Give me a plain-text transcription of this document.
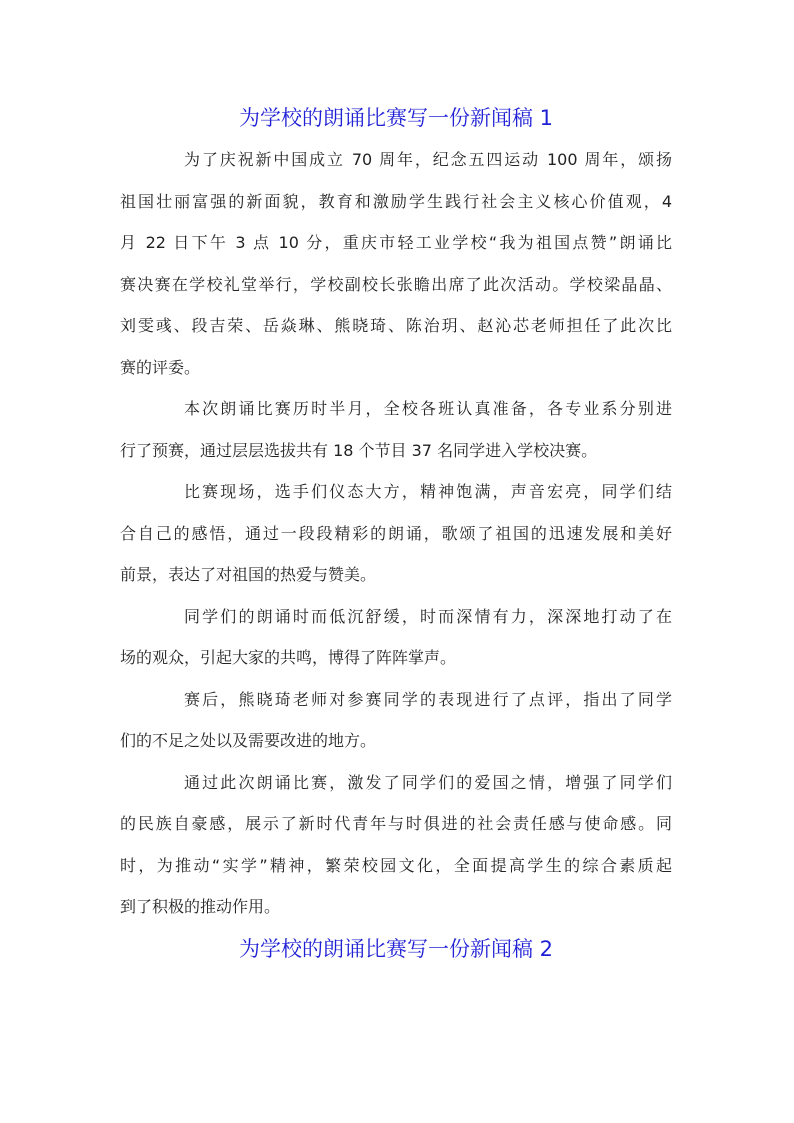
为学校的朗诵比赛写一份新闻稿 1
为了庆祝新中国成立 70 周年，纪念五四运动 100 周年，颂扬
祖国壮丽富强的新面貌，教育和激励学生践行社会主义核心价值观，4
月 22 日下午 3 点 10 分，重庆市轻工业学校“我为祖国点赞”朗诵比
赛决赛在学校礼堂举行，学校副校长张瞻出席了此次活动。学校梁晶晶、
刘雯彧、段吉荣、岳焱琳、熊晓琦、陈治玥、赵沁芯老师担任了此次比
赛的评委。
本次朗诵比赛历时半月，全校各班认真准备，各专业系分别进
行了预赛，通过层层选拔共有 18 个节目 37 名同学进入学校决赛。
比赛现场，选手们仪态大方，精神饱满，声音宏亮，同学们结
合自己的感悟，通过一段段精彩的朗诵，歌颂了祖国的迅速发展和美好
前景，表达了对祖国的热爱与赞美。
同学们的朗诵时而低沉舒缓，时而深情有力，深深地打动了在
场的观众，引起大家的共鸣，博得了阵阵掌声。
赛后，熊晓琦老师对参赛同学的表现进行了点评，指出了同学
们的不足之处以及需要改进的地方。
通过此次朗诵比赛，激发了同学们的爱国之情，增强了同学们
的民族自豪感，展示了新时代青年与时俱进的社会责任感与使命感。同
时，为推动“实学”精神，繁荣校园文化，全面提高学生的综合素质起
到了积极的推动作用。
为学校的朗诵比赛写一份新闻稿 2
